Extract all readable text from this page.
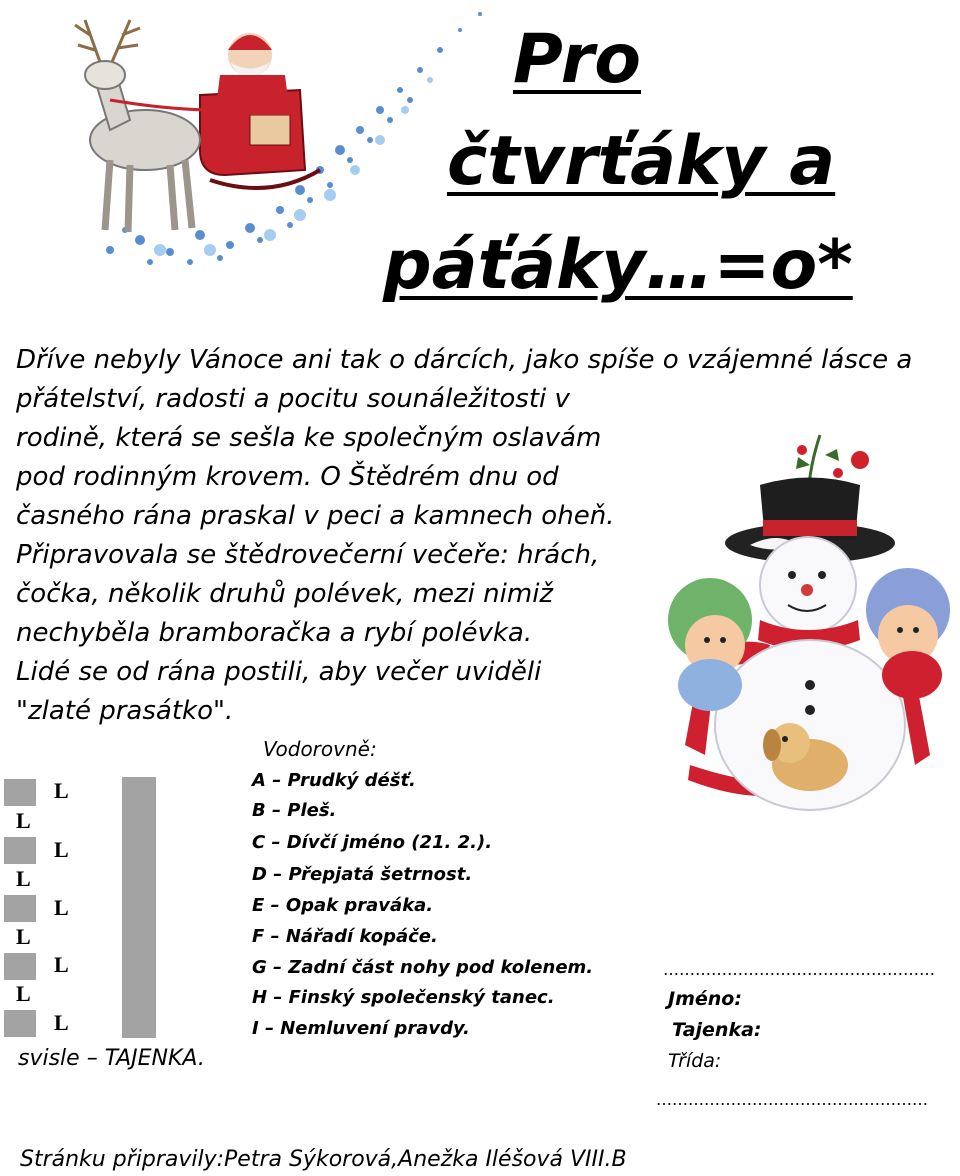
Pro
čtvrťáky a
páťáky…=o*
Dříve nebyly Vánoce ani tak o dárcích, jako spíše o vzájemné lásce a
přátelství, radosti a pocitu sounáležitosti v
rodině, která se sešla ke společným oslavám
pod rodinným krovem. O Štědrém dnu od
časného rána praskal v peci a kamnech oheň.
Připravovala se štědrovečerní večeře: hrách,
čočka, několik druhů polévek, mezi nimiž
nechyběla bramboračka a rybí polévka.
Lidé se od rána postili, aby večer uviděli
"zlaté prasátko".
L
L
L
L
L
L
L
L
L
Vodorovně:
A – Prudký déšť.
B – Pleš.
C – Dívčí jméno (21. 2.).
D – Přepjatá šetrnost.
E – Opak praváka.
F – Nářadí kopáče.
G – Zadní část nohy pod kolenem.
H – Finský společenský tanec.
I – Nemluvení pravdy.
svisle – TAJENKA.
……………………………………………
Jméno:
Tajenka:
Třída:
……………………………………………
Stránku připravily:Petra Sýkorová,Anežka Iléšová VIII.B
